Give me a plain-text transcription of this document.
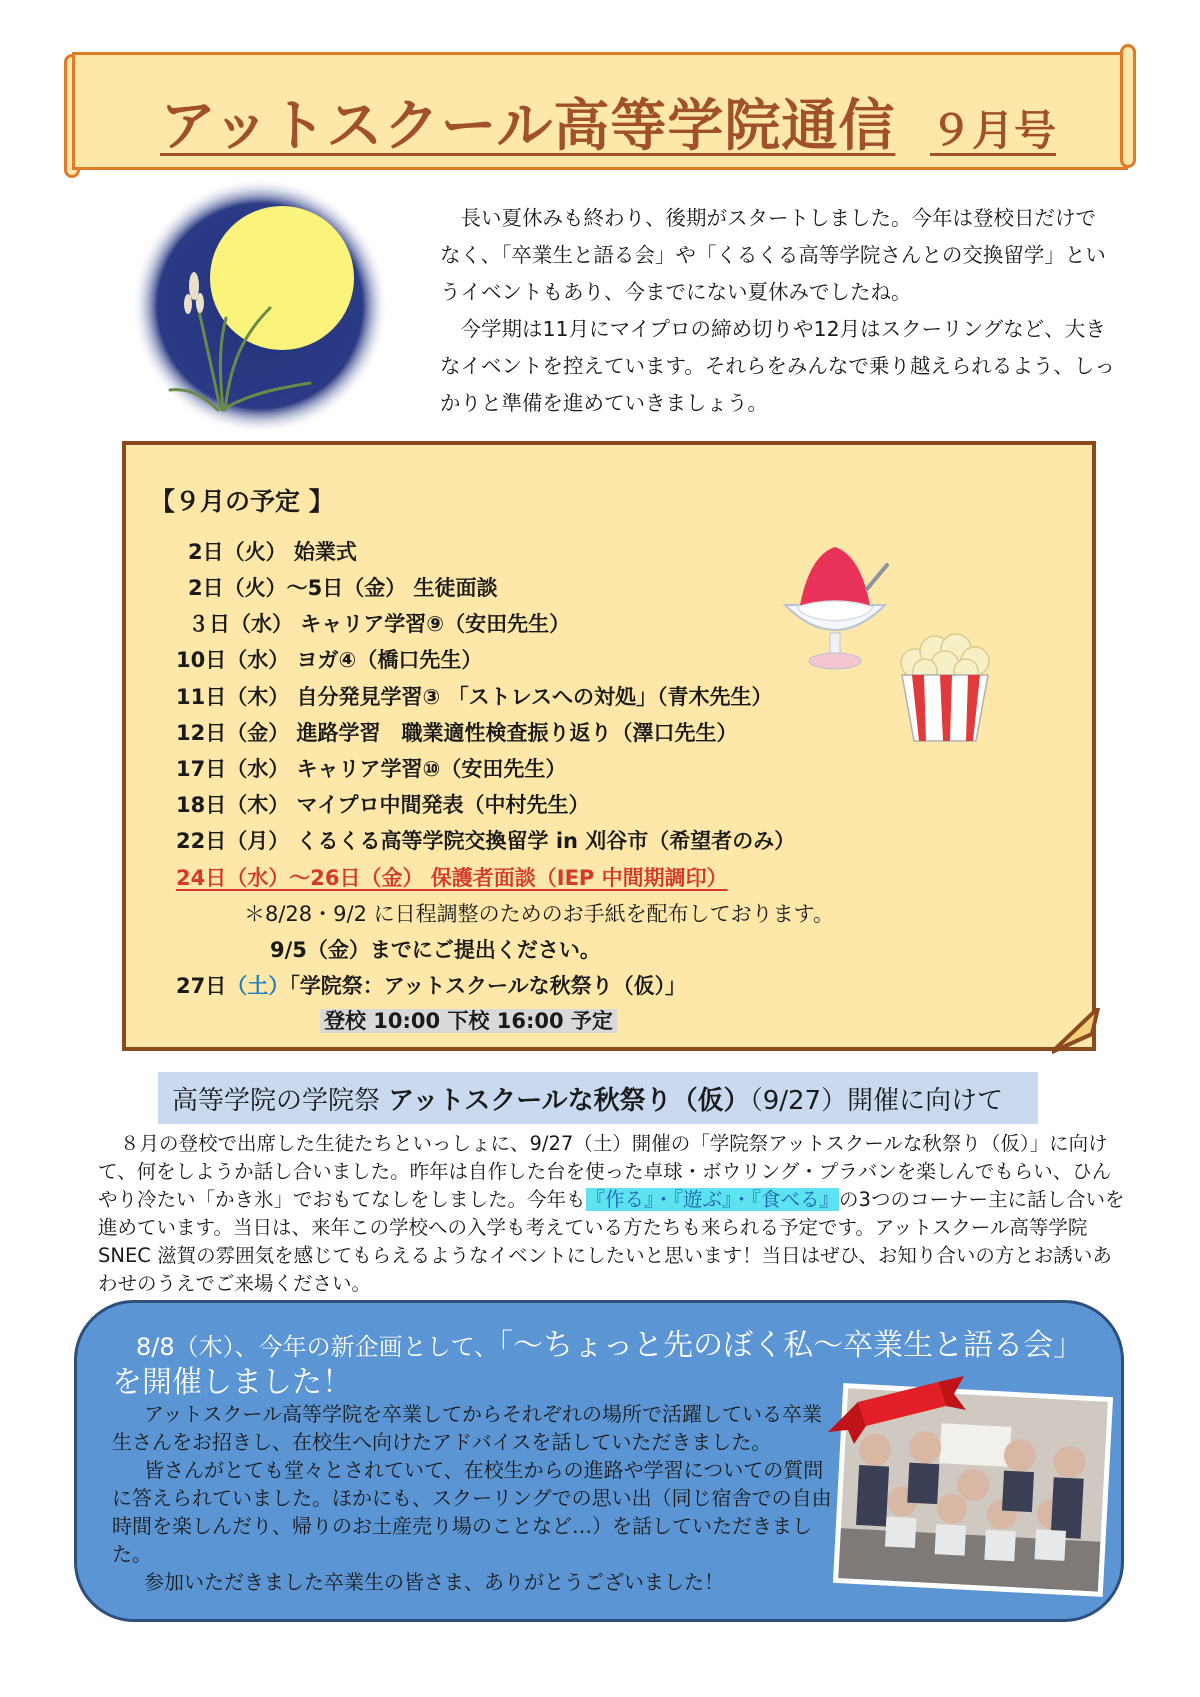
アットスクール高等学院通信 ９月号

　長い夏休みも終わり、後期がスタートしました。今年は登校日だけでなく、「卒業生と語る会」や「くるくる高等学院さんとの交換留学」というイベントもあり、今までにない夏休みでしたね。

　今学期は11月にマイプロの締め切りや12月はスクーリングなど、大きなイベントを控えています。それらをみんなで乗り越えられるよう、しっかりと準備を進めていきましょう。

【９月の予定 】
2日（火） 始業式
2日（火）～5日（金） 生徒面談
３日（水） キャリア学習⑨（安田先生）
10日（水） ヨガ④（橋口先生）
11日（木） 自分発見学習③ 「ストレスへの対処」（青木先生）
12日（金） 進路学習　職業適性検査振り返り（澤口先生）
17日（水） キャリア学習⑩（安田先生）
18日（木） マイプロ中間発表（中村先生）
22日（月） くるくる高等学院交換留学 in 刈谷市（希望者のみ）
24日（水）～26日（金） 保護者面談（IEP 中間期調印）
＊8/28・9/2 に日程調整のためのお手紙を配布しております。
9/5（金）までにご提出ください。
27日（土）「学院祭：アットスクールな秋祭り（仮）」
登校 10:00 下校 16:00 予定
高等学院の学院祭 アットスクールな秋祭り（仮）（9/27）開催に向けて

８月の登校で出席した生徒たちといっしょに、9/27（土）開催の「学院祭アットスクールな秋祭り（仮）」に向けて、何をしようか話し合いました。昨年は自作した台を使った卓球・ボウリング・プラバンを楽しんでもらい、ひんやり冷たい「かき氷」でおもてなしをしました。今年も『作る』・『遊ぶ』・『食べる』の3つのコーナー主に話し合いを進めています。当日は、来年この学校への入学も考えている方たちも来られる予定です。アットスクール高等学院 SNEC 滋賀の雰囲気を感じてもらえるようなイベントにしたいと思います！当日はぜひ、お知り合いの方とお誘いあわせのうえでご来場ください。

　8/8（木）、今年の新企画として、「～ちょっと先のぼく私～卒業生と語る会」を開催しました！

アットスクール高等学院を卒業してからそれぞれの場所で活躍している卒業生さんをお招きし、在校生へ向けたアドバイスを話していただきました。

皆さんがとても堂々とされていて、在校生からの進路や学習についての質問に答えられていました。ほかにも、スクーリングでの思い出（同じ宿舎での自由時間を楽しんだり、帰りのお土産売り場のことなど…）を話していただきました。

参加いただきました卒業生の皆さま、ありがとうございました！
